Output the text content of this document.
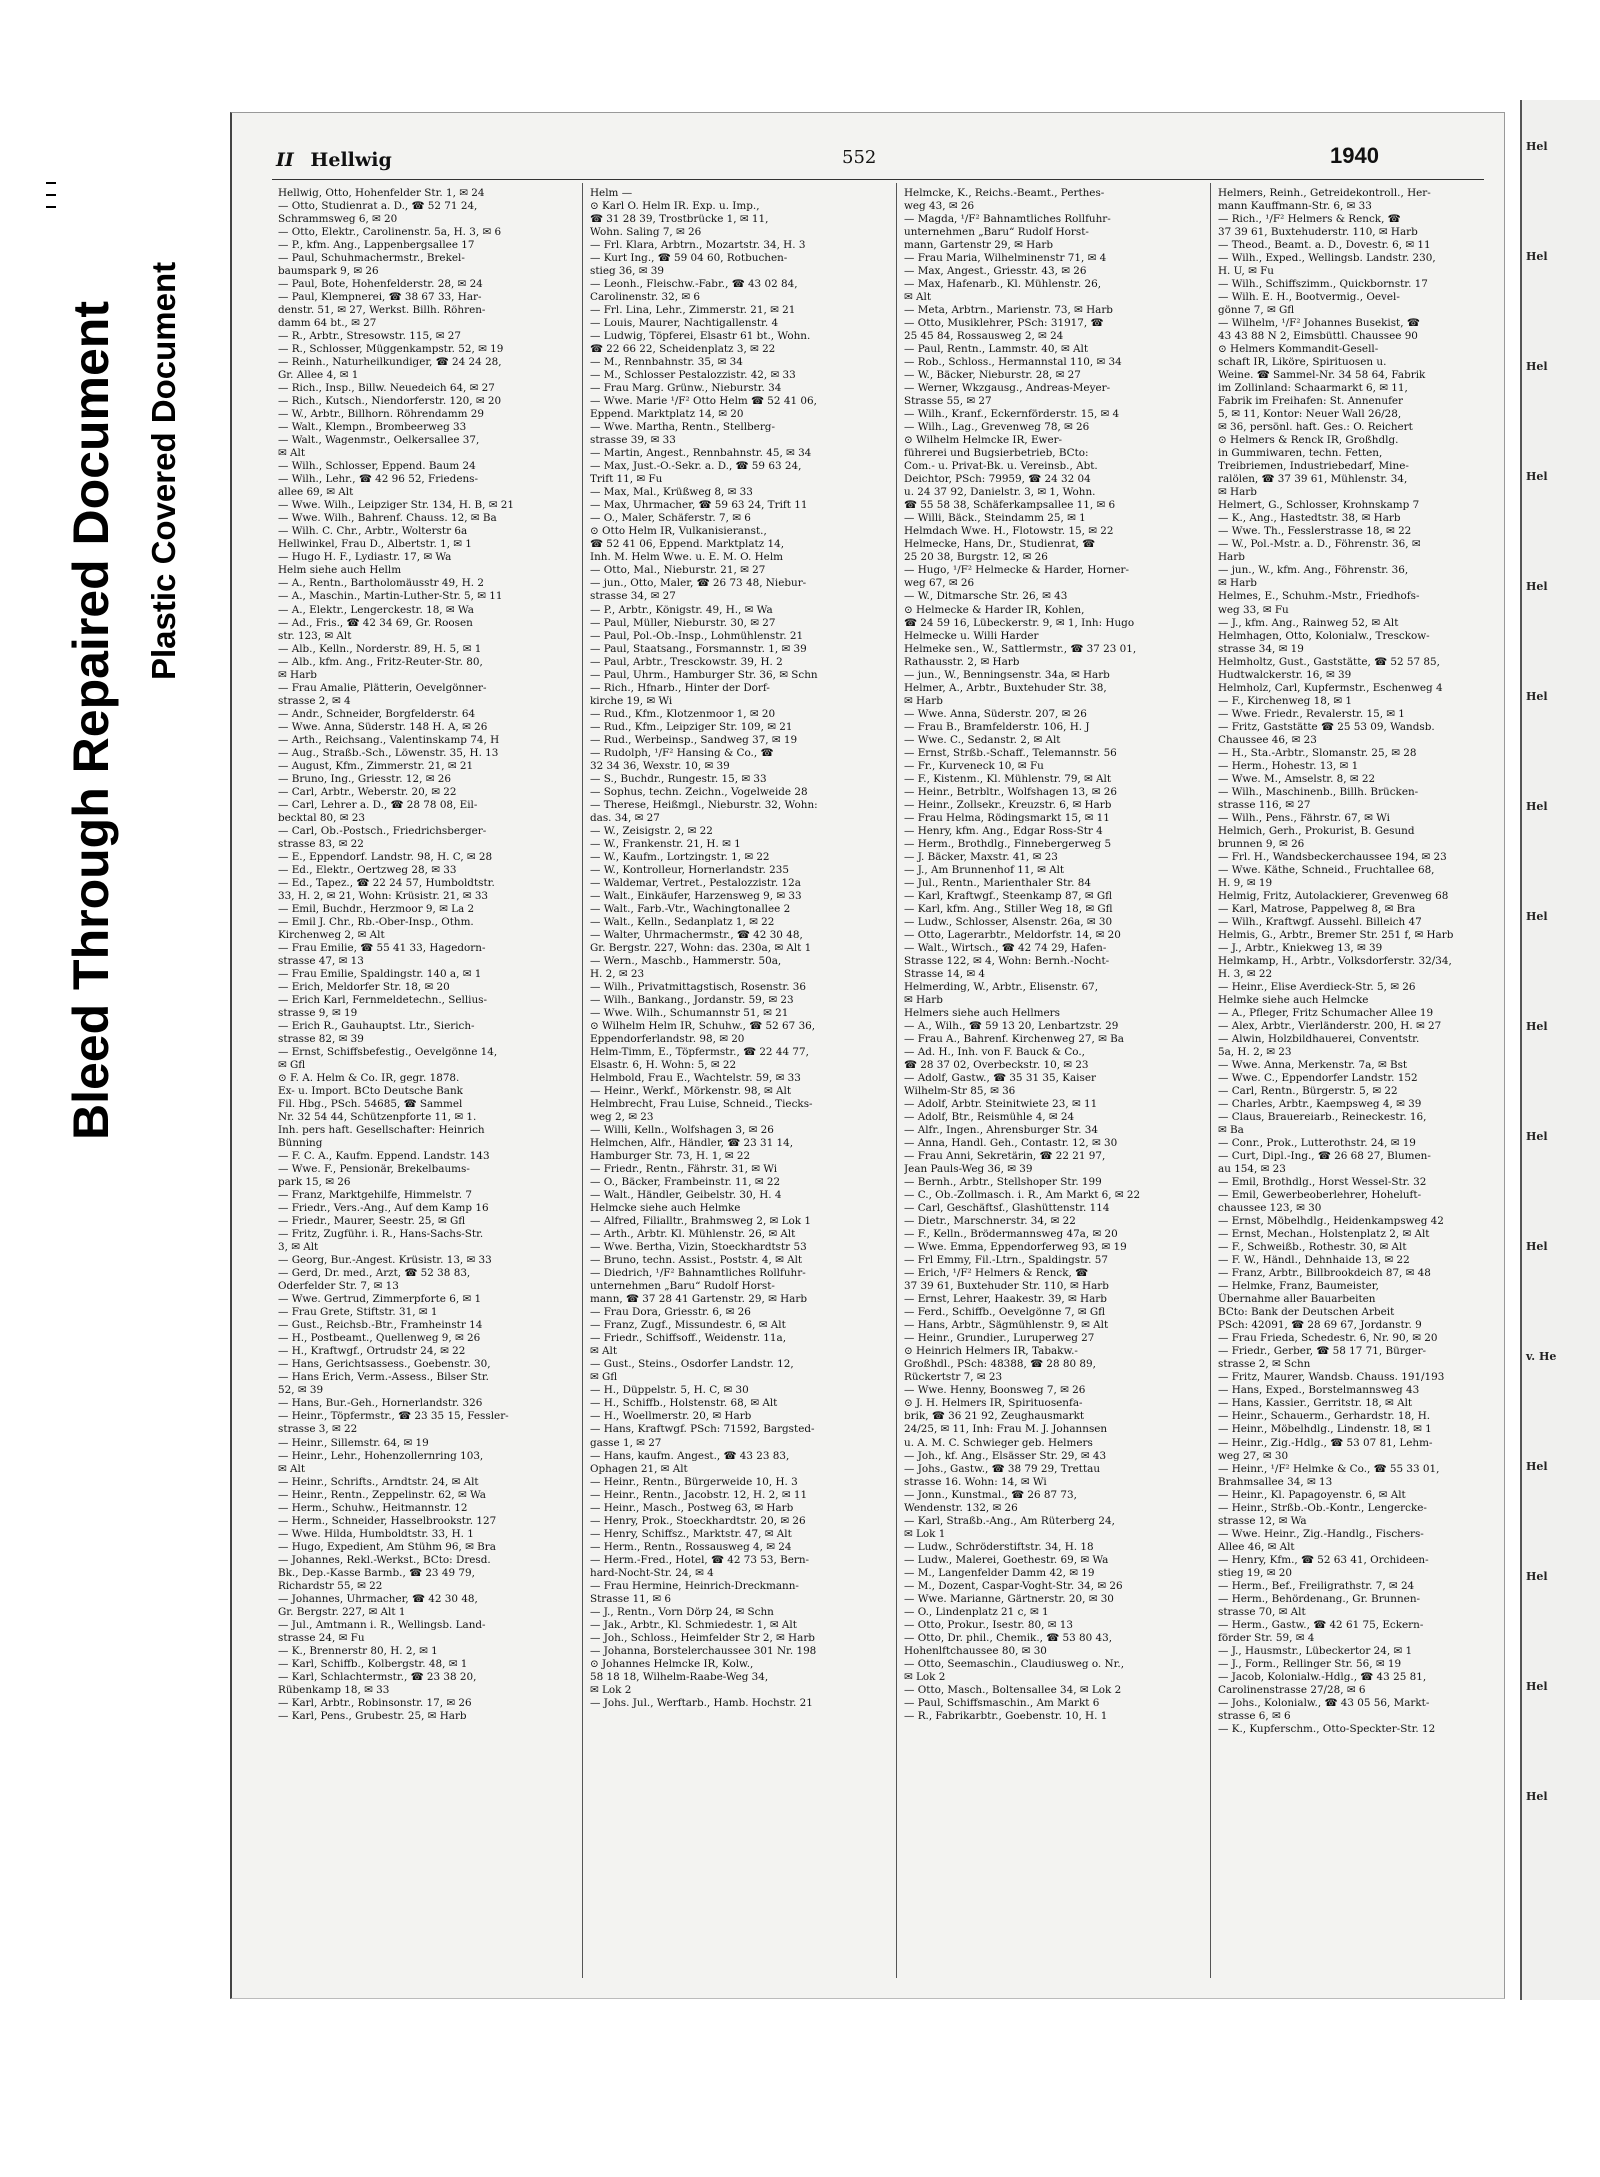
Bleed Through Repaired Document Plastic Covered Document
II Hellwig	552	1940

Hellwig, Otto, Hohenfelder Str. 1, ✉ 24

— Otto, Studienrat a. D., ☎ 52 71 24,

Schrammsweg 6, ✉ 20

— Otto, Elektr., Carolinenstr. 5a, H. 3, ✉ 6

— P., kfm. Ang., Lappenbergsallee 17

— Paul, Schuhmachermstr., Brekel-

baumspark 9, ✉ 26

— Paul, Bote, Hohenfelderstr. 28, ✉ 24

— Paul, Klempnerei, ☎ 38 67 33, Har-

denstr. 51, ✉ 27, Werkst. Billh. Röhren-

damm 64 bt., ✉ 27

— R., Arbtr., Stresowstr. 115, ✉ 27

— R., Schlosser, Müggenkampstr. 52, ✉ 19

— Reinh., Naturheilkundiger, ☎ 24 24 28,

Gr. Allee 4, ✉ 1

— Rich., Insp., Billw. Neuedeich 64, ✉ 27

— Rich., Kutsch., Niendorferstr. 120, ✉ 20

— W., Arbtr., Billhorn. Röhrendamm 29

— Walt., Klempn., Brombeerweg 33

— Walt., Wagenmstr., Oelkersallee 37,

✉ Alt

— Wilh., Schlosser, Eppend. Baum 24

— Wilh., Lehr., ☎ 42 96 52, Friedens-

allee 69, ✉ Alt

— Wwe. Wilh., Leipziger Str. 134, H. B, ✉ 21

— Wwe. Wilh., Bahrenf. Chauss. 12, ✉ Ba

— Wilh. C. Chr., Arbtr., Wolterstr 6a

Hellwinkel, Frau D., Albertstr. 1, ✉ 1

— Hugo H. F., Lydiastr. 17, ✉ Wa

Helm siehe auch Hellm

— A., Rentn., Bartholomäusstr 49, H. 2

— A., Maschin., Martin-Luther-Str. 5, ✉ 11

— A., Elektr., Lengerckestr. 18, ✉ Wa

— Ad., Fris., ☎ 42 34 69, Gr. Roosen

str. 123, ✉ Alt

— Alb., Kelln., Norderstr. 89, H. 5, ✉ 1

— Alb., kfm. Ang., Fritz-Reuter-Str. 80,

✉ Harb

— Frau Amalie, Plätterin, Oevelgönner-

strasse 2, ✉ 4

— Andr., Schneider, Borgfelderstr. 64

— Wwe. Anna, Süderstr. 148 H. A, ✉ 26

— Arth., Reichsang., Valentinskamp 74, H

— Aug., Straßb.-Sch., Löwenstr. 35, H. 13

— August, Kfm., Zimmerstr. 21, ✉ 21

— Bruno, Ing., Griesstr. 12, ✉ 26

— Carl, Arbtr., Weberstr. 20, ✉ 22

— Carl, Lehrer a. D., ☎ 28 78 08, Eil-

becktal 80, ✉ 23

— Carl, Ob.-Postsch., Friedrichsberger-

strasse 83, ✉ 22

— E., Eppendorf. Landstr. 98, H. C, ✉ 28

— Ed., Elektr., Oertzweg 28, ✉ 33

— Ed., Tapez., ☎ 22 24 57, Humboldtstr.

33, H. 2, ✉ 21, Wohn: Krüsistr. 21, ✉ 33

— Emil, Buchdr., Herzmoor 9, ✉ La 2

— Emil J. Chr., Rb.-Ober-Insp., Othm.

Kirchenweg 2, ✉ Alt

— Frau Emilie, ☎ 55 41 33, Hagedorn-

strasse 47, ✉ 13

— Frau Emilie, Spaldingstr. 140 a, ✉ 1

— Erich, Meldorfer Str. 18, ✉ 20

— Erich Karl, Fernmeldetechn., Sellius-

strasse 9, ✉ 19

— Erich R., Gauhauptst. Ltr., Sierich-

strasse 82, ✉ 39

— Ernst, Schiffsbefestig., Oevelgönne 14,

✉ Gfl

⊙ F. A. Helm & Co. IR, gegr. 1878.

Ex- u. Import. BCto Deutsche Bank

Fil. Hbg., PSch. 54685, ☎ Sammel

Nr. 32 54 44, Schützenpforte 11, ✉ 1.

Inh. pers haft. Gesellschafter: Heinrich

Bünning

— F. C. A., Kaufm. Eppend. Landstr. 143

— Wwe. F., Pensionär, Brekelbaums-

park 15, ✉ 26

— Franz, Marktgehilfe, Himmelstr. 7

— Friedr., Vers.-Ang., Auf dem Kamp 16

— Friedr., Maurer, Seestr. 25, ✉ Gfl

— Fritz, Zugführ. i. R., Hans-Sachs-Str.

3, ✉ Alt

— Georg, Bur.-Angest. Krüsistr. 13, ✉ 33

— Gerd, Dr. med., Arzt, ☎ 52 38 83,

Oderfelder Str. 7, ✉ 13

— Wwe. Gertrud, Zimmerpforte 6, ✉ 1

— Frau Grete, Stiftstr. 31, ✉ 1

— Gust., Reichsb.-Btr., Framheinstr 14

— H., Postbeamt., Quellenweg 9, ✉ 26

— H., Kraftwgf., Ortrudstr 24, ✉ 22

— Hans, Gerichtsassess., Goebenstr. 30,

— Hans Erich, Verm.-Assess., Bilser Str.

52, ✉ 39

— Hans, Bur.-Geh., Hornerlandstr. 326

— Heinr., Töpfermstr., ☎ 23 35 15, Fessler-

strasse 3, ✉ 22

— Heinr., Sillemstr. 64, ✉ 19

— Heinr., Lehr., Hohenzollernring 103,

✉ Alt

— Heinr., Schrifts., Arndtstr. 24, ✉ Alt

— Heinr., Rentn., Zeppelinstr. 62, ✉ Wa

— Herm., Schuhw., Heitmannstr. 12

— Herm., Schneider, Hasselbrookstr. 127

— Wwe. Hilda, Humboldtstr. 33, H. 1

— Hugo, Expedient, Am Stühm 96, ✉ Bra

— Johannes, Rekl.-Werkst., BCto: Dresd.

Bk., Dep.-Kasse Barmb., ☎ 23 49 79,

Richardstr 55, ✉ 22

— Johannes, Uhrmacher, ☎ 42 30 48,

Gr. Bergstr. 227, ✉ Alt 1

— Jul., Amtmann i. R., Wellingsb. Land-

strasse 24, ✉ Fu

— K., Brennerstr 80, H. 2, ✉ 1

— Karl, Schiffb., Kolbergstr. 48, ✉ 1

— Karl, Schlachtermstr., ☎ 23 38 20,

Rübenkamp 18, ✉ 33

— Karl, Arbtr., Robinsonstr. 17, ✉ 26

— Karl, Pens., Grubestr. 25, ✉ Harb

Helm —

⊙ Karl O. Helm IR. Exp. u. Imp.,

☎ 31 28 39, Trostbrücke 1, ✉ 11,

Wohn. Saling 7, ✉ 26

— Frl. Klara, Arbtrn., Mozartstr. 34, H. 3

— Kurt Ing., ☎ 59 04 60, Rotbuchen-

stieg 36, ✉ 39

— Leonh., Fleischw.-Fabr., ☎ 43 02 84,

Carolinenstr. 32, ✉ 6

— Frl. Lina, Lehr., Zimmerstr. 21, ✉ 21

— Louis, Maurer, Nachtigallenstr. 4

— Ludwig, Töpferei, Elsastr 61 bt., Wohn.

☎ 22 66 22, Scheidenplatz 3, ✉ 22

— M., Rennbahnstr. 35, ✉ 34

— M., Schlosser Pestalozzistr. 42, ✉ 33

— Frau Marg. Grünw., Nieburstr. 34

— Wwe. Marie ¹/F² Otto Helm ☎ 52 41 06,

Eppend. Marktplatz 14, ✉ 20

— Wwe. Martha, Rentn., Stellberg-

strasse 39, ✉ 33

— Martin, Angest., Rennbahnstr. 45, ✉ 34

— Max, Just.-O.-Sekr. a. D., ☎ 59 63 24,

Trift 11, ✉ Fu

— Max, Mal., Krüßweg 8, ✉ 33

— Max, Uhrmacher, ☎ 59 63 24, Trift 11

— O., Maler, Schäferstr. 7, ✉ 6

⊙ Otto Helm IR, Vulkanisieranst.,

☎ 52 41 06, Eppend. Marktplatz 14,

Inh. M. Helm Wwe. u. E. M. O. Helm

— Otto, Mal., Nieburstr. 21, ✉ 27

— jun., Otto, Maler, ☎ 26 73 48, Niebur-

strasse 34, ✉ 27

— P., Arbtr., Königstr. 49, H., ✉ Wa

— Paul, Müller, Nieburstr. 30, ✉ 27

— Paul, Pol.-Ob.-Insp., Lohmühlenstr. 21

— Paul, Staatsang., Forsmannstr. 1, ✉ 39

— Paul, Arbtr., Tresckowstr. 39, H. 2

— Paul, Uhrm., Hamburger Str. 36, ✉ Schn

— Rich., Hfnarb., Hinter der Dorf-

kirche 19, ✉ Wi

— Rud., Kfm., Klotzenmoor 1, ✉ 20

— Rud., Kfm., Leipziger Str. 109, ✉ 21

— Rud., Werbeinsp., Sandweg 37, ✉ 19

— Rudolph, ¹/F² Hansing & Co., ☎

32 34 36, Wexstr. 10, ✉ 39

— S., Buchdr., Rungestr. 15, ✉ 33

— Sophus, techn. Zeichn., Vogelweide 28

— Therese, Heißmgl., Nieburstr. 32, Wohn:

das. 34, ✉ 27

— W., Zeisigstr. 2, ✉ 22

— W., Frankenstr. 21, H. ✉ 1

— W., Kaufm., Lortzingstr. 1, ✉ 22

— W., Kontrolleur, Hornerlandstr. 235

— Waldemar, Vertret., Pestalozzistr. 12a

— Walt., Einkäufer, Harzensweg 9, ✉ 33

— Walt., Farb.-Vtr., Wachingtonallee 2

— Walt., Kelln., Sedanplatz 1, ✉ 22

— Walter, Uhrmachermstr., ☎ 42 30 48,

Gr. Bergstr. 227, Wohn: das. 230a, ✉ Alt 1

— Wern., Maschb., Hammerstr. 50a,

H. 2, ✉ 23

— Wilh., Privatmittagstisch, Rosenstr. 36

— Wilh., Bankang., Jordanstr. 59, ✉ 23

— Wwe. Wilh., Schumannstr 51, ✉ 21

⊙ Wilhelm Helm IR, Schuhw., ☎ 52 67 36,

Eppendorferlandstr. 98, ✉ 20

Helm-Timm, E., Töpfermstr., ☎ 22 44 77,

Elsastr. 6, H. Wohn: 5, ✉ 22

Helmbold, Frau E., Wachtelstr. 59, ✉ 33

— Heinr., Werkf., Mörkenstr. 98, ✉ Alt

Helmbrecht, Frau Luise, Schneid., Tiecks-

weg 2, ✉ 23

— Willi, Kelln., Wolfshagen 3, ✉ 26

Helmchen, Alfr., Händler, ☎ 23 31 14,

Hamburger Str. 73, H. 1, ✉ 22

— Friedr., Rentn., Fährstr. 31, ✉ Wi

— O., Bäcker, Frambeinstr. 11, ✉ 22

— Walt., Händler, Geibelstr. 30, H. 4

Helmcke siehe auch Helmke

— Alfred, Filialltr., Brahmsweg 2, ✉ Lok 1

— Arth., Arbtr. Kl. Mühlenstr. 26, ✉ Alt

— Wwe. Bertha, Vizin, Stoeckhardtstr 53

— Bruno, techn. Assist., Poststr. 4, ✉ Alt

— Diedrich, ¹/F² Bahnamtliches Rollfuhr-

unternehmen „Baru“ Rudolf Horst-

mann, ☎ 37 28 41 Gartenstr. 29, ✉ Harb

— Frau Dora, Griesstr. 6, ✉ 26

— Franz, Zugf., Missundestr. 6, ✉ Alt

— Friedr., Schiffsoff., Weidenstr. 11a,

✉ Alt

— Gust., Steins., Osdorfer Landstr. 12,

✉ Gfl

— H., Düppelstr. 5, H. C, ✉ 30

— H., Schiffb., Holstenstr. 68, ✉ Alt

— H., Woellmerstr. 20, ✉ Harb

— Hans, Kraftwgf. PSch: 71592, Bargsted-

gasse 1, ✉ 27

— Hans, kaufm. Angest., ☎ 43 23 83,

Ophagen 21, ✉ Alt

— Heinr., Rentn., Bürgerweide 10, H. 3

— Heinr., Rentn., Jacobstr. 12, H. 2, ✉ 11

— Heinr., Masch., Postweg 63, ✉ Harb

— Henry, Prok., Stoeckhardtstr. 20, ✉ 26

— Henry, Schiffsz., Marktstr. 47, ✉ Alt

— Herm., Rentn., Rossausweg 4, ✉ 24

— Herm.-Fred., Hotel, ☎ 42 73 53, Bern-

hard-Nocht-Str. 24, ✉ 4

— Frau Hermine, Heinrich-Dreckmann-

Strasse 11, ✉ 6

— J., Rentn., Vorn Dörp 24, ✉ Schn

— Jak., Arbtr., Kl. Schmiedestr. 1, ✉ Alt

— Joh., Schloss., Heimfelder Str 2, ✉ Harb

— Johanna, Borstelerchaussee 301 Nr. 198

⊙ Johannes Helmcke IR, Kolw.,

58 18 18, Wilhelm-Raabe-Weg 34,

✉ Lok 2

— Johs. Jul., Werftarb., Hamb. Hochstr. 21

Helmcke, K., Reichs.-Beamt., Perthes-

weg 43, ✉ 26

— Magda, ¹/F² Bahnamtliches Rollfuhr-

unternehmen „Baru“ Rudolf Horst-

mann, Gartenstr 29, ✉ Harb

— Frau Maria, Wilhelminenstr 71, ✉ 4

— Max, Angest., Griesstr. 43, ✉ 26

— Max, Hafenarb., Kl. Mühlenstr. 26,

✉ Alt

— Meta, Arbtrn., Marienstr. 73, ✉ Harb

— Otto, Musiklehrer, PSch: 31917, ☎

25 45 84, Rossausweg 2, ✉ 24

— Paul, Rentn., Lammstr. 40, ✉ Alt

— Rob., Schloss., Hermannstal 110, ✉ 34

— W., Bäcker, Nieburstr. 28, ✉ 27

— Werner, Wkzgausg., Andreas-Meyer-

Strasse 55, ✉ 27

— Wilh., Kranf., Eckernförderstr. 15, ✉ 4

— Wilh., Lag., Grevenweg 78, ✉ 26

⊙ Wilhelm Helmcke IR, Ewer-

führerei und Bugsierbetrieb, BCto:

Com.- u. Privat-Bk. u. Vereinsb., Abt.

Deichtor, PSch: 79959, ☎ 24 32 04

u. 24 37 92, Danielstr. 3, ✉ 1, Wohn.

☎ 55 58 38, Schäferkampsallee 11, ✉ 6

— Willi, Bäck., Steindamm 25, ✉ 1

Helmdach Wwe. H., Flotowstr. 15, ✉ 22

Helmecke, Hans, Dr., Studienrat, ☎

25 20 38, Burgstr. 12, ✉ 26

— Hugo, ¹/F² Helmecke & Harder, Horner-

weg 67, ✉ 26

— W., Ditmarsche Str. 26, ✉ 43

⊙ Helmecke & Harder IR, Kohlen,

☎ 24 59 16, Lübeckerstr. 9, ✉ 1, Inh: Hugo

Helmecke u. Willi Harder

Helmeke sen., W., Sattlermstr., ☎ 37 23 01,

Rathausstr. 2, ✉ Harb

— jun., W., Benningsenstr. 34a, ✉ Harb

Helmer, A., Arbtr., Buxtehuder Str. 38,

✉ Harb

— Wwe. Anna, Süderstr. 207, ✉ 26

— Frau B., Bramfelderstr. 106, H. J

— Wwe. C., Sedanstr. 2, ✉ Alt

— Ernst, Strßb.-Schaff., Telemannstr. 56

— Fr., Kurveneck 10, ✉ Fu

— F., Kistenm., Kl. Mühlenstr. 79, ✉ Alt

— Heinr., Betrbltr., Wolfshagen 13, ✉ 26

— Heinr., Zollsekr., Kreuzstr. 6, ✉ Harb

— Frau Helma, Rödingsmarkt 15, ✉ 11

— Henry, kfm. Ang., Edgar Ross-Str 4

— Herm., Brothdlg., Finnebergerweg 5

— J. Bäcker, Maxstr. 41, ✉ 23

— J., Am Brunnenhof 11, ✉ Alt

— Jul., Rentn., Marienthaler Str. 84

— Karl, Kraftwgf., Steenkamp 87, ✉ Gfl

— Karl, kfm. Ang., Stiller Weg 18, ✉ Gfl

— Ludw., Schlosser, Alsenstr. 26a, ✉ 30

— Otto, Lagerarbtr., Meldorfstr. 14, ✉ 20

— Walt., Wirtsch., ☎ 42 74 29, Hafen-

Strasse 122, ✉ 4, Wohn: Bernh.-Nocht-

Strasse 14, ✉ 4

Helmerding, W., Arbtr., Elisenstr. 67,

✉ Harb

Helmers siehe auch Hellmers

— A., Wilh., ☎ 59 13 20, Lenbartzstr. 29

— Frau A., Bahrenf. Kirchenweg 27, ✉ Ba

— Ad. H., Inh. von F. Bauck & Co.,

☎ 28 37 02, Overbeckstr. 10, ✉ 23

— Adolf, Gastw., ☎ 35 31 35, Kaiser

Wilhelm-Str 85, ✉ 36

— Adolf, Arbtr. Steinitwiete 23, ✉ 11

— Adolf, Btr., Reismühle 4, ✉ 24

— Alfr., Ingen., Ahrensburger Str. 34

— Anna, Handl. Geh., Contastr. 12, ✉ 30

— Frau Anni, Sekretärin, ☎ 22 21 97,

Jean Pauls-Weg 36, ✉ 39

— Bernh., Arbtr., Stellshoper Str. 199

— C., Ob.-Zollmasch. i. R., Am Markt 6, ✉ 22

— Carl, Geschäftsf., Glashüttenstr. 114

— Dietr., Marschnerstr. 34, ✉ 22

— F., Kelln., Brödermannsweg 47a, ✉ 20

— Wwe. Emma, Eppendorferweg 93, ✉ 19

— Frl Emmy, Fil.-Ltrn., Spaldingstr. 57

— Erich, ¹/F² Helmers & Renck, ☎

37 39 61, Buxtehuder Str. 110, ✉ Harb

— Ernst, Lehrer, Haakestr. 39, ✉ Harb

— Ferd., Schiffb., Oevelgönne 7, ✉ Gfl

— Hans, Arbtr., Sägmühlenstr. 9, ✉ Alt

— Heinr., Grundier., Luruperweg 27

⊙ Heinrich Helmers IR, Tabakw.-

Großhdl., PSch: 48388, ☎ 28 80 89,

Rückertstr 7, ✉ 23

— Wwe. Henny, Boonsweg 7, ✉ 26

⊙ J. H. Helmers IR, Spirituosenfa-

brik, ☎ 36 21 92, Zeughausmarkt

24/25, ✉ 11, Inh: Frau M. J. Johannsen

u. A. M. C. Schwieger geb. Helmers

— Joh., kf. Ang., Elsässer Str. 29, ✉ 43

— Johs., Gastw., ☎ 38 79 29, Trettau

strasse 16. Wohn: 14, ✉ Wi

— Jonn., Kunstmal., ☎ 26 87 73,

Wendenstr. 132, ✉ 26

— Karl, Straßb.-Ang., Am Rüterberg 24,

✉ Lok 1

— Ludw., Schröderstiftstr. 34, H. 18

— Ludw., Malerei, Goethestr. 69, ✉ Wa

— M., Langenfelder Damm 42, ✉ 19

— M., Dozent, Caspar-Voght-Str. 34, ✉ 26

— Wwe. Marianne, Gärtnerstr. 20, ✉ 30

— O., Lindenplatz 21 c, ✉ 1

— Otto, Prokur., Isestr. 80, ✉ 13

— Otto, Dr. phil., Chemik., ☎ 53 80 43,

Hohenlftchaussee 80, ✉ 30

— Otto, Seemaschin., Claudiusweg o. Nr.,

✉ Lok 2

— Otto, Masch., Boltensallee 34, ✉ Lok 2

— Paul, Schiffsmaschin., Am Markt 6

— R., Fabrikarbtr., Goebenstr. 10, H. 1

Helmers, Reinh., Getreidekontroll., Her-

mann Kauffmann-Str. 6, ✉ 33

— Rich., ¹/F² Helmers & Renck, ☎

37 39 61, Buxtehuderstr. 110, ✉ Harb

— Theod., Beamt. a. D., Dovestr. 6, ✉ 11

— Wilh., Exped., Wellingsb. Landstr. 230,

H. U, ✉ Fu

— Wilh., Schiffszimm., Quickbornstr. 17

— Wilh. E. H., Bootvermig., Oevel-

gönne 7, ✉ Gfl

— Wilhelm, ¹/F² Johannes Busekist, ☎

43 43 88 N 2, Eimsbüttl. Chaussee 90

⊙ Helmers Kommandit-Gesell-

schaft IR, Liköre, Spirituosen u.

Weine. ☎ Sammel-Nr. 34 58 64, Fabrik

im Zollinland: Schaarmarkt 6, ✉ 11,

Fabrik im Freihafen: St. Annenufer

5, ✉ 11, Kontor: Neuer Wall 26/28,

✉ 36, persönl. haft. Ges.: O. Reichert

⊙ Helmers & Renck IR, Großhdlg.

in Gummiwaren, techn. Fetten,

Treibriemen, Industriebedarf, Mine-

ralölen, ☎ 37 39 61, Mühlenstr. 34,

✉ Harb

Helmert, G., Schlosser, Krohnskamp 7

— K., Ang., Hastedtstr. 38, ✉ Harb

— Wwe. Th., Fesslerstrasse 18, ✉ 22

— W., Pol.-Mstr. a. D., Föhrenstr. 36, ✉

Harb

— jun., W., kfm. Ang., Föhrenstr. 36,

✉ Harb

Helmes, E., Schuhm.-Mstr., Friedhofs-

weg 33, ✉ Fu

— J., kfm. Ang., Rainweg 52, ✉ Alt

Helmhagen, Otto, Kolonialw., Tresckow-

strasse 34, ✉ 19

Helmholtz, Gust., Gaststätte, ☎ 52 57 85,

Hudtwalckerstr. 16, ✉ 39

Helmholz, Carl, Kupfermstr., Eschenweg 4

— F., Kirchenweg 18, ✉ 1

— Wwe. Friedr., Revalerstr. 15, ✉ 1

— Fritz, Gaststätte ☎ 25 53 09, Wandsb.

Chaussee 46, ✉ 23

— H., Sta.-Arbtr., Slomanstr. 25, ✉ 28

— Herm., Hohestr. 13, ✉ 1

— Wwe. M., Amselstr. 8, ✉ 22

— Wilh., Maschinenb., Billh. Brücken-

strasse 116, ✉ 27

— Wilh., Pens., Fährstr. 67, ✉ Wi

Helmich, Gerh., Prokurist, B. Gesund

brunnen 9, ✉ 26

— Frl. H., Wandsbeckerchaussee 194, ✉ 23

— Wwe. Käthe, Schneid., Fruchtallee 68,

H. 9, ✉ 19

Helmig, Fritz, Autolackierer, Grevenweg 68

— Karl, Matrose, Pappelweg 8, ✉ Bra

— Wilh., Kraftwgf. Aussehl. Billeich 47

Helmis, G., Arbtr., Bremer Str. 251 f, ✉ Harb

— J., Arbtr., Kniekweg 13, ✉ 39

Helmkamp, H., Arbtr., Volksdorferstr. 32/34,

H. 3, ✉ 22

— Heinr., Elise Averdieck-Str. 5, ✉ 26

Helmke siehe auch Helmcke

— A., Pfleger, Fritz Schumacher Allee 19

— Alex, Arbtr., Vierländerstr. 200, H. ✉ 27

— Alwin, Holzbildhauerei, Conventstr.

5a, H. 2, ✉ 23

— Wwe. Anna, Merkenstr. 7a, ✉ Bst

— Wwe. C., Eppendorfer Landstr. 152

— Carl, Rentn., Bürgerstr. 5, ✉ 22

— Charles, Arbtr., Kaempsweg 4, ✉ 39

— Claus, Brauereiarb., Reineckestr. 16,

✉ Ba

— Conr., Prok., Lutterothstr. 24, ✉ 19

— Curt, Dipl.-Ing., ☎ 26 68 27, Blumen-

au 154, ✉ 23

— Emil, Brothdlg., Horst Wessel-Str. 32

— Emil, Gewerbeoberlehrer, Hoheluft-

chaussee 123, ✉ 30

— Ernst, Möbelhdlg., Heidenkampsweg 42

— Ernst, Mechan., Holstenplatz 2, ✉ Alt

— F., Schweißb., Rothestr. 30, ✉ Alt

— F. W., Händl., Dehnhaide 13, ✉ 22

— Franz, Arbtr., Billbrookdeich 87, ✉ 48

— Helmke, Franz, Baumeister,

Übernahme aller Bauarbeiten

BCto: Bank der Deutschen Arbeit

PSch: 42091, ☎ 28 69 67, Jordanstr. 9

— Frau Frieda, Schedestr. 6, Nr. 90, ✉ 20

— Friedr., Gerber, ☎ 58 17 71, Bürger-

strasse 2, ✉ Schn

— Fritz, Maurer, Wandsb. Chauss. 191/193

— Hans, Exped., Borstelmannsweg 43

— Hans, Kassier., Gerritstr. 18, ✉ Alt

— Heinr., Schauerm., Gerhardstr. 18, H.

— Heinr., Möbelhdlg., Lindenstr. 18, ✉ 1

— Heinr., Zig.-Hdlg., ☎ 53 07 81, Lehm-

weg 27, ✉ 30

— Heinr., ¹/F² Helmke & Co., ☎ 55 33 01,

Brahmsallee 34, ✉ 13

— Heinr., Kl. Papagoyenstr. 6, ✉ Alt

— Heinr., Strßb.-Ob.-Kontr., Lengercke-

strasse 12, ✉ Wa

— Wwe. Heinr., Zig.-Handlg., Fischers-

Allee 46, ✉ Alt

— Henry, Kfm., ☎ 52 63 41, Orchideen-

stieg 19, ✉ 20

— Herm., Bef., Freiligrathstr. 7, ✉ 24

— Herm., Behördenang., Gr. Brunnen-

strasse 70, ✉ Alt

— Herm., Gastw., ☎ 42 61 75, Eckern-

förder Str. 59, ✉ 4

— J., Hausmstr., Lübeckertor 24, ✉ 1

— J., Form., Rellinger Str. 56, ✉ 19

— Jacob, Kolonialw.-Hdlg., ☎ 43 25 81,

Carolinenstrasse 27/28, ✉ 6

— Johs., Kolonialw., ☎ 43 05 56, Markt-

strasse 6, ✉ 6

— K., Kupferschm., Otto-Speckter-Str. 12

Hel
Hel
Hel
Hel
Hel
Hel
Hel
Hel
Hel
Hel
Hel
v. He
Hel
Hel
Hel
Hel
